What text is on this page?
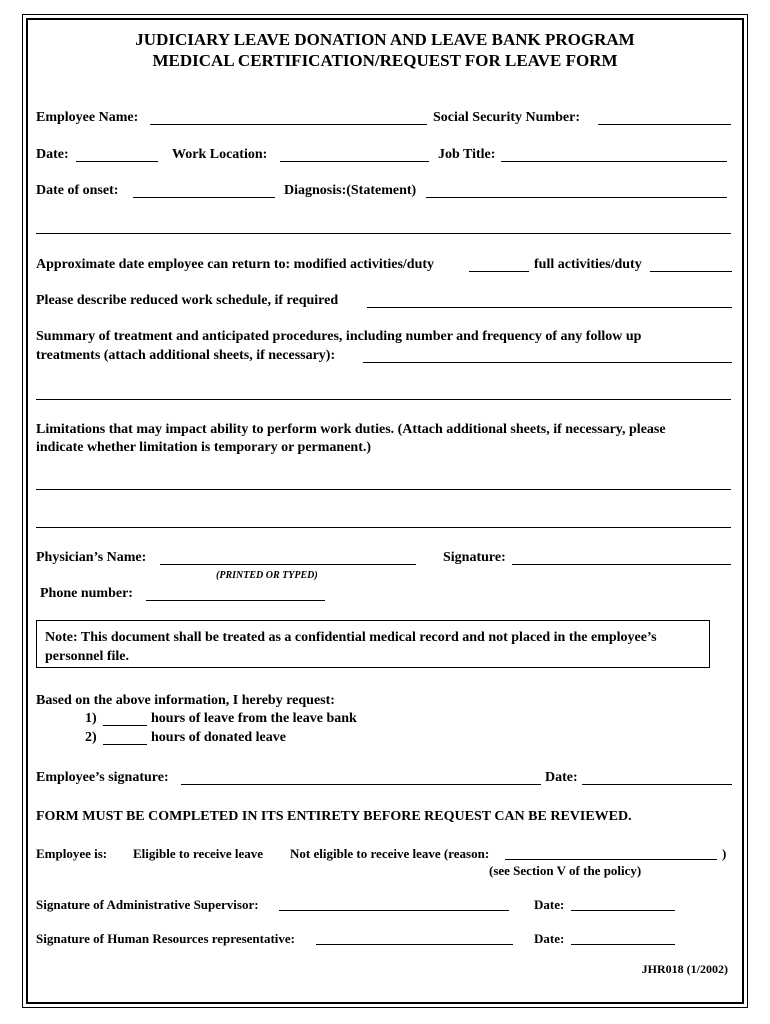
JUDICIARY LEAVE DONATION AND LEAVE BANK PROGRAM
MEDICAL CERTIFICATION/REQUEST FOR LEAVE FORM
Employee Name:	Social Security Number:
Date:	Work Location:	Job Title:
Date of onset:	Diagnosis:(Statement)
Approximate date employee can return to: modified activities/duty	full activities/duty
Please describe reduced work schedule, if required
Summary of treatment and anticipated procedures, including number and frequency of any follow up
treatments (attach additional sheets, if necessary):
Limitations that may impact ability to perform work duties. (Attach additional sheets, if necessary, please
indicate whether limitation is temporary or permanent.)
Physician’s Name:	Signature:
(PRINTED OR TYPED)
Phone number:
Note: This document shall be treated as a confidential medical record and not placed in the employee’s personnel file.
Based on the above information, I hereby request:
1)	hours of leave from the leave bank
2)	hours of donated leave
Employee’s signature:	Date:
FORM MUST BE COMPLETED IN ITS ENTIRETY BEFORE REQUEST CAN BE REVIEWED.
Employee is: Eligible to receive leave Not eligible to receive leave (reason:	)
(see Section V of the policy)
Signature of Administrative Supervisor:	Date:
Signature of Human Resources representative:	Date:
JHR018 (1/2002)
